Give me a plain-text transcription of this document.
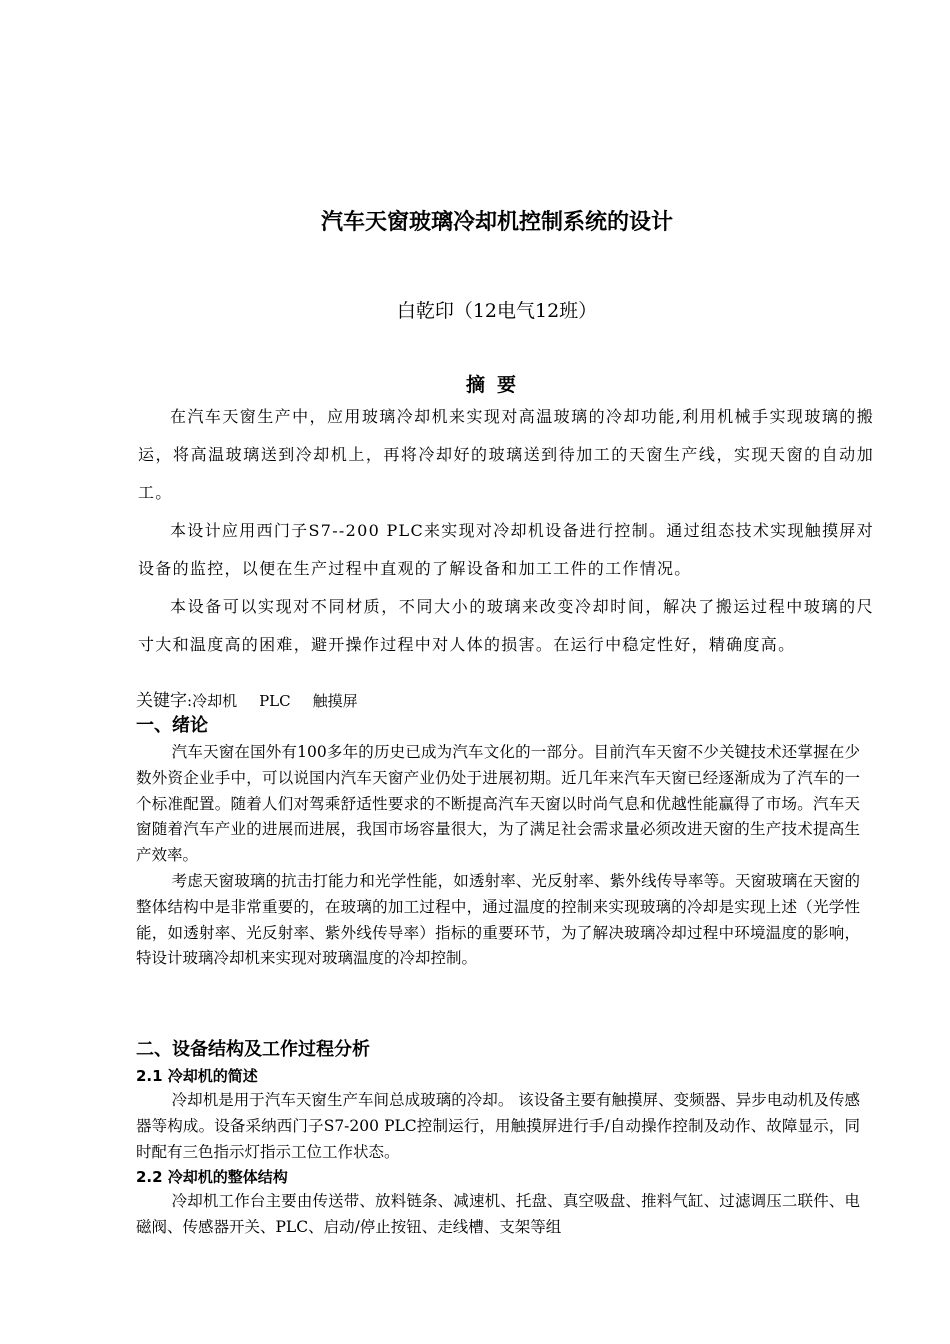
汽车天窗玻璃冷却机控制系统的设计
白乾印（12电气12班）
摘要

在汽车天窗生产中，应用玻璃冷却机来实现对高温玻璃的冷却功能,利用机械手实现玻璃的搬运，将高温玻璃送到冷却机上，再将冷却好的玻璃送到待加工的天窗生产线，实现天窗的自动加工。

本设计应用西门子S7--200 PLC来实现对冷却机设备进行控制。通过组态技术实现触摸屏对设备的监控，以便在生产过程中直观的了解设备和加工工件的工作情况。

本设备可以实现对不同材质，不同大小的玻璃来改变冷却时间，解决了搬运过程中玻璃的尺寸大和温度高的困难，避开操作过程中对人体的损害。在运行中稳定性好，精确度高。

关键字:冷却机 PLC 触摸屏
一、绪论

汽车天窗在国外有100多年的历史已成为汽车文化的一部分。目前汽车天窗不少关键技术还掌握在少数外资企业手中，可以说国内汽车天窗产业仍处于进展初期。近几年来汽车天窗已经逐渐成为了汽车的一个标准配置。随着人们对驾乘舒适性要求的不断提高汽车天窗以时尚气息和优越性能赢得了市场。汽车天窗随着汽车产业的进展而进展，我国市场容量很大，为了满足社会需求量必须改进天窗的生产技术提高生产效率。

考虑天窗玻璃的抗击打能力和光学性能，如透射率、光反射率、紫外线传导率等。天窗玻璃在天窗的整体结构中是非常重要的，在玻璃的加工过程中，通过温度的控制来实现玻璃的冷却是实现上述（光学性能，如透射率、光反射率、紫外线传导率）指标的重要环节，为了解决玻璃冷却过程中环境温度的影响，特设计玻璃冷却机来实现对玻璃温度的冷却控制。

二、设备结构及工作过程分析
2.1 冷却机的简述

冷却机是用于汽车天窗生产车间总成玻璃的冷却。 该设备主要有触摸屏、变频器、异步电动机及传感器等构成。设备采纳西门子S7-200 PLC控制运行，用触摸屏进行手/自动操作控制及动作、故障显示，同时配有三色指示灯指示工位工作状态。

2.2 冷却机的整体结构

冷却机工作台主要由传送带、放料链条、减速机、托盘、真空吸盘、推料气缸、过滤调压二联件、电磁阀、传感器开关、PLC、启动/停止按钮、走线槽、支架等组
